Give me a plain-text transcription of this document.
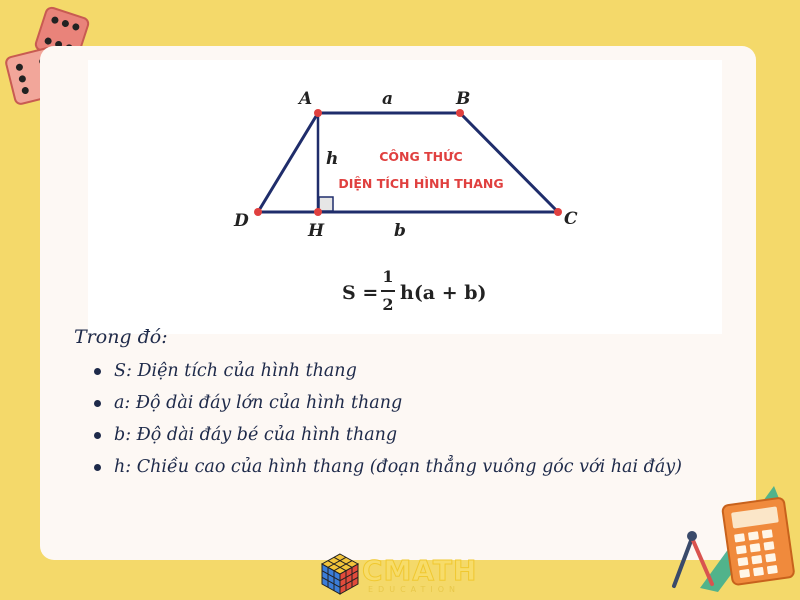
A	B
C
D	H
a
b
h	CÔNG THỨC
DIỆN TÍCH HÌNH THANG
S =
1
2
h(a + b)
Trong đó:
S: Diện tích của hình thang
a: Độ dài đáy lớn của hình thang
b: Độ dài đáy bé của hình thang
h: Chiều cao của hình thang (đoạn thẳng vuông góc với hai đáy)
CMATH
EDUCATION
